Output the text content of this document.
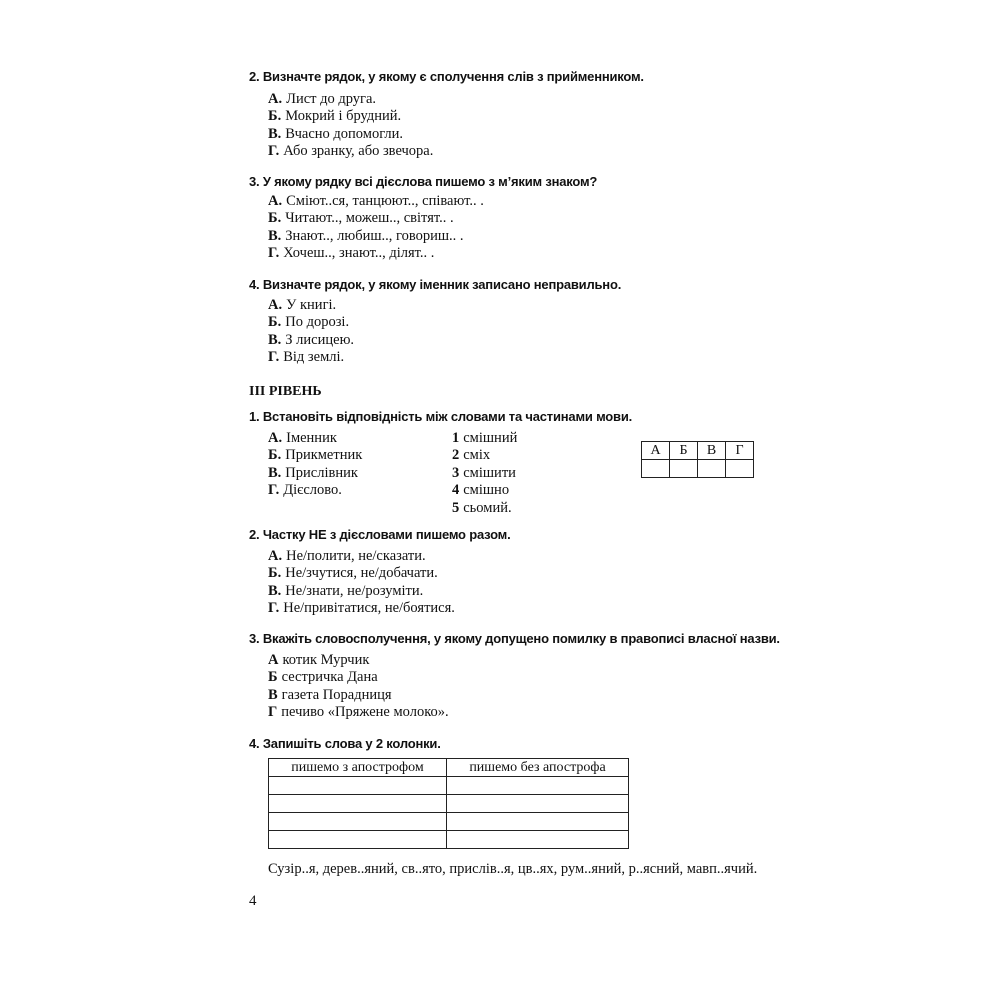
2. Визначте рядок, у якому є сполучення слів з прийменником.
А. Лист до друга.
Б. Мокрий і брудний.
В. Вчасно допомогли.
Г. Або зранку, або звечора.
3. У якому рядку всі дієслова пишемо з м’яким знаком?
А. Сміют..ся, танцюют.., співают.. .
Б. Читают.., можеш.., світят.. .
В. Знают.., любиш.., говориш.. .
Г. Хочеш.., знают.., ділят.. .
4. Визначте рядок, у якому іменник записано неправильно.
А. У книгі.
Б. По дорозі.
В. З лисицею.
Г. Від землі.
III РІВЕНЬ
1. Встановіть відповідність між словами та частинами мови.
А. Іменник
Б. Прикметник
В. Прислівник
Г. Дієслово.
1 смішний
2 сміх
3 смішити
4 смішно
5 сьомий.
А	Б	В	Г

2. Частку НЕ з дієсловами пишемо разом.
А. Не/полити, не/сказати.
Б. Не/зчутися, не/добачати.
В. Не/знати, не/розуміти.
Г. Не/привітатися, не/боятися.
3. Вкажіть словосполучення, у якому допущено помилку в правописі власної назви.
А котик Мурчик
Б сестричка Дана
В газета Порадниця
Г печиво «Пряжене молоко».
4. Запишіть слова у 2 колонки.
пишемо з апострофом	пишемо без апострофа

Сузір..я, дерев..яний, св..ято, прислів..я, цв..ях, рум..яний, р..ясний, мавп..ячий.
4
